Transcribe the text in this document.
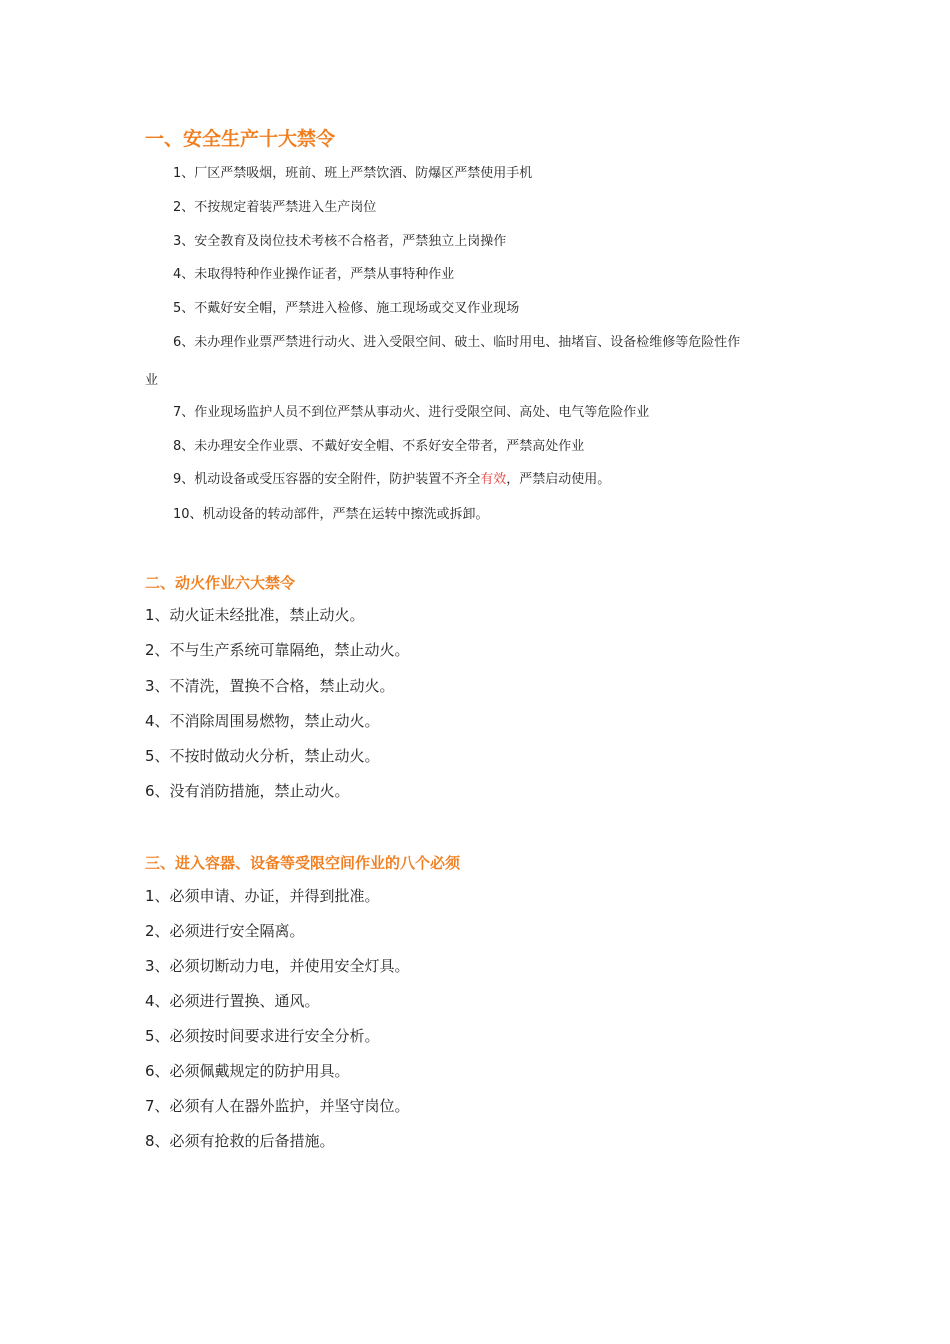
一、安全生产十大禁令
1、厂区严禁吸烟，班前、班上严禁饮酒、防爆区严禁使用手机
2、不按规定着装严禁进入生产岗位
3、安全教育及岗位技术考核不合格者，严禁独立上岗操作
4、未取得特种作业操作证者，严禁从事特种作业
5、不戴好安全帽，严禁进入检修、施工现场或交叉作业现场
6、未办理作业票严禁进行动火、进入受限空间、破土、临时用电、抽堵盲、设备检维修等危险性作
业
7、作业现场监护人员不到位严禁从事动火、进行受限空间、高处、电气等危险作业
8、未办理安全作业票、不戴好安全帽、不系好安全带者，严禁高处作业
9、机动设备或受压容器的安全附件，防护装置不齐全有效，严禁启动使用。
10、机动设备的转动部件，严禁在运转中擦洗或拆卸。
二、动火作业六大禁令
1、动火证未经批准，禁止动火。
2、不与生产系统可靠隔绝，禁止动火。
3、不清洗，置换不合格，禁止动火。
4、不消除周围易燃物，禁止动火。
5、不按时做动火分析，禁止动火。
6、没有消防措施，禁止动火。
三、进入容器、设备等受限空间作业的八个必须
1、必须申请、办证，并得到批准。
2、必须进行安全隔离。
3、必须切断动力电，并使用安全灯具。
4、必须进行置换、通风。
5、必须按时间要求进行安全分析。
6、必须佩戴规定的防护用具。
7、必须有人在器外监护，并坚守岗位。
8、必须有抢救的后备措施。
